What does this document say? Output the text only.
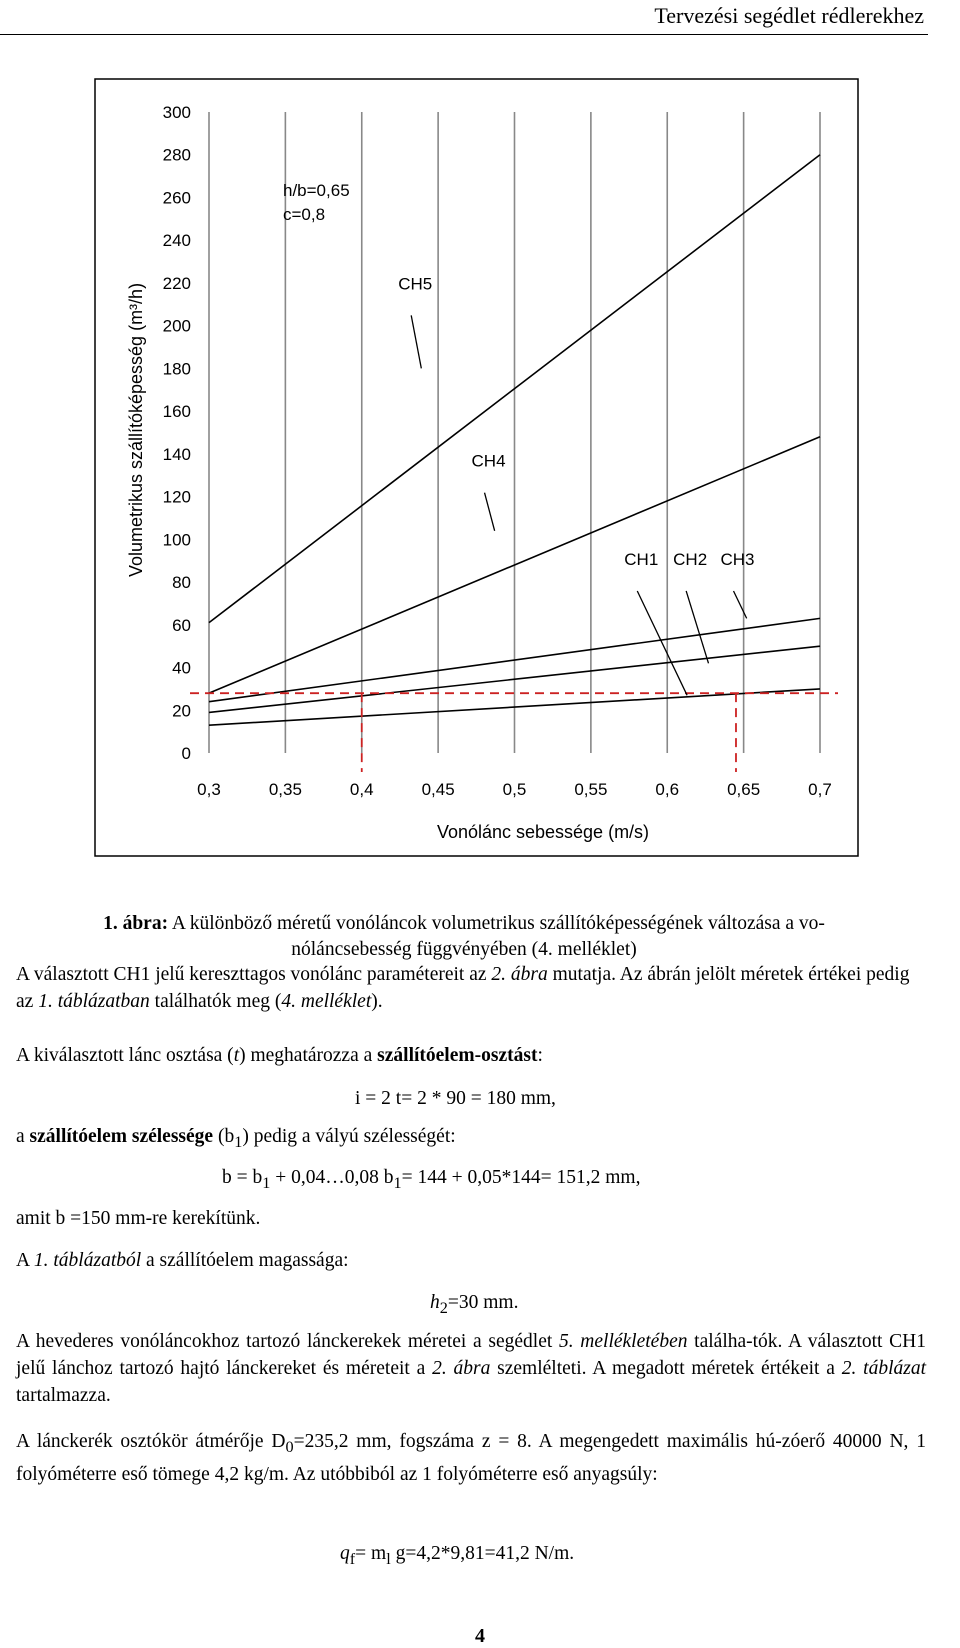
Tervezési segédlet rédlerekhez
0,3	0,35	0,4	0,45	0,5	0,55	0,6	0,65	0,7
0
20
40
60
80
100
120
140
160
180
200
220
240
260
280
300
CH5
CH4
CH1 CH2 CH3
h/b=0,65
c=0,8
Vonólánc sebessége (m/s)
Volumetrikus szállítóképesség (m³/h)
1. ábra: A különböző méretű vonóláncok volumetrikus szállítóképességének változása a vo-
nóláncsebesség függvényében (4. melléklet)
A választott CH1 jelű kereszttagos vonólánc paramétereit az 2. ábra mutatja. Az ábrán jelölt méretek értékei pedig az 1. táblázatban találhatók meg (4. melléklet).
A kiválasztott lánc osztása (t) meghatározza a szállítóelem-osztást:
i = 2 t= 2 * 90 = 180 mm,
a szállítóelem szélessége $(b_1)$ pedig a vályú szélességét:
$b = b_1$ + 0,04…0,08 $b_1= 144 + 0,05*144= 151,2$ mm,
amit b =150 mm-re kerekítünk.
A 1. táblázatból a szállítóelem magassága:
$h_2=30$ mm.
A hevederes vonóláncokhoz tartozó lánckerekek méretei a segédlet 5. mellékletében találha-tók. A választott CH1 jelű lánchoz tartozó hajtó lánckereket és méreteit a 2. ábra szemlélteti. A megadott méretek értékeit a 2. táblázat tartalmazza.
A lánckerék osztókör átmérője $D_0=235,2$ mm, fogszáma z = 8. A megengedett maximális hú-zóerő 40000 N, 1 folyóméterre eső tömege 4,2 kg/m. Az utóbbiból az 1 folyóméterre eső anyagsúly:
$q_f= m_l$ g=4,2*9,81=41,2 N/m.
4
